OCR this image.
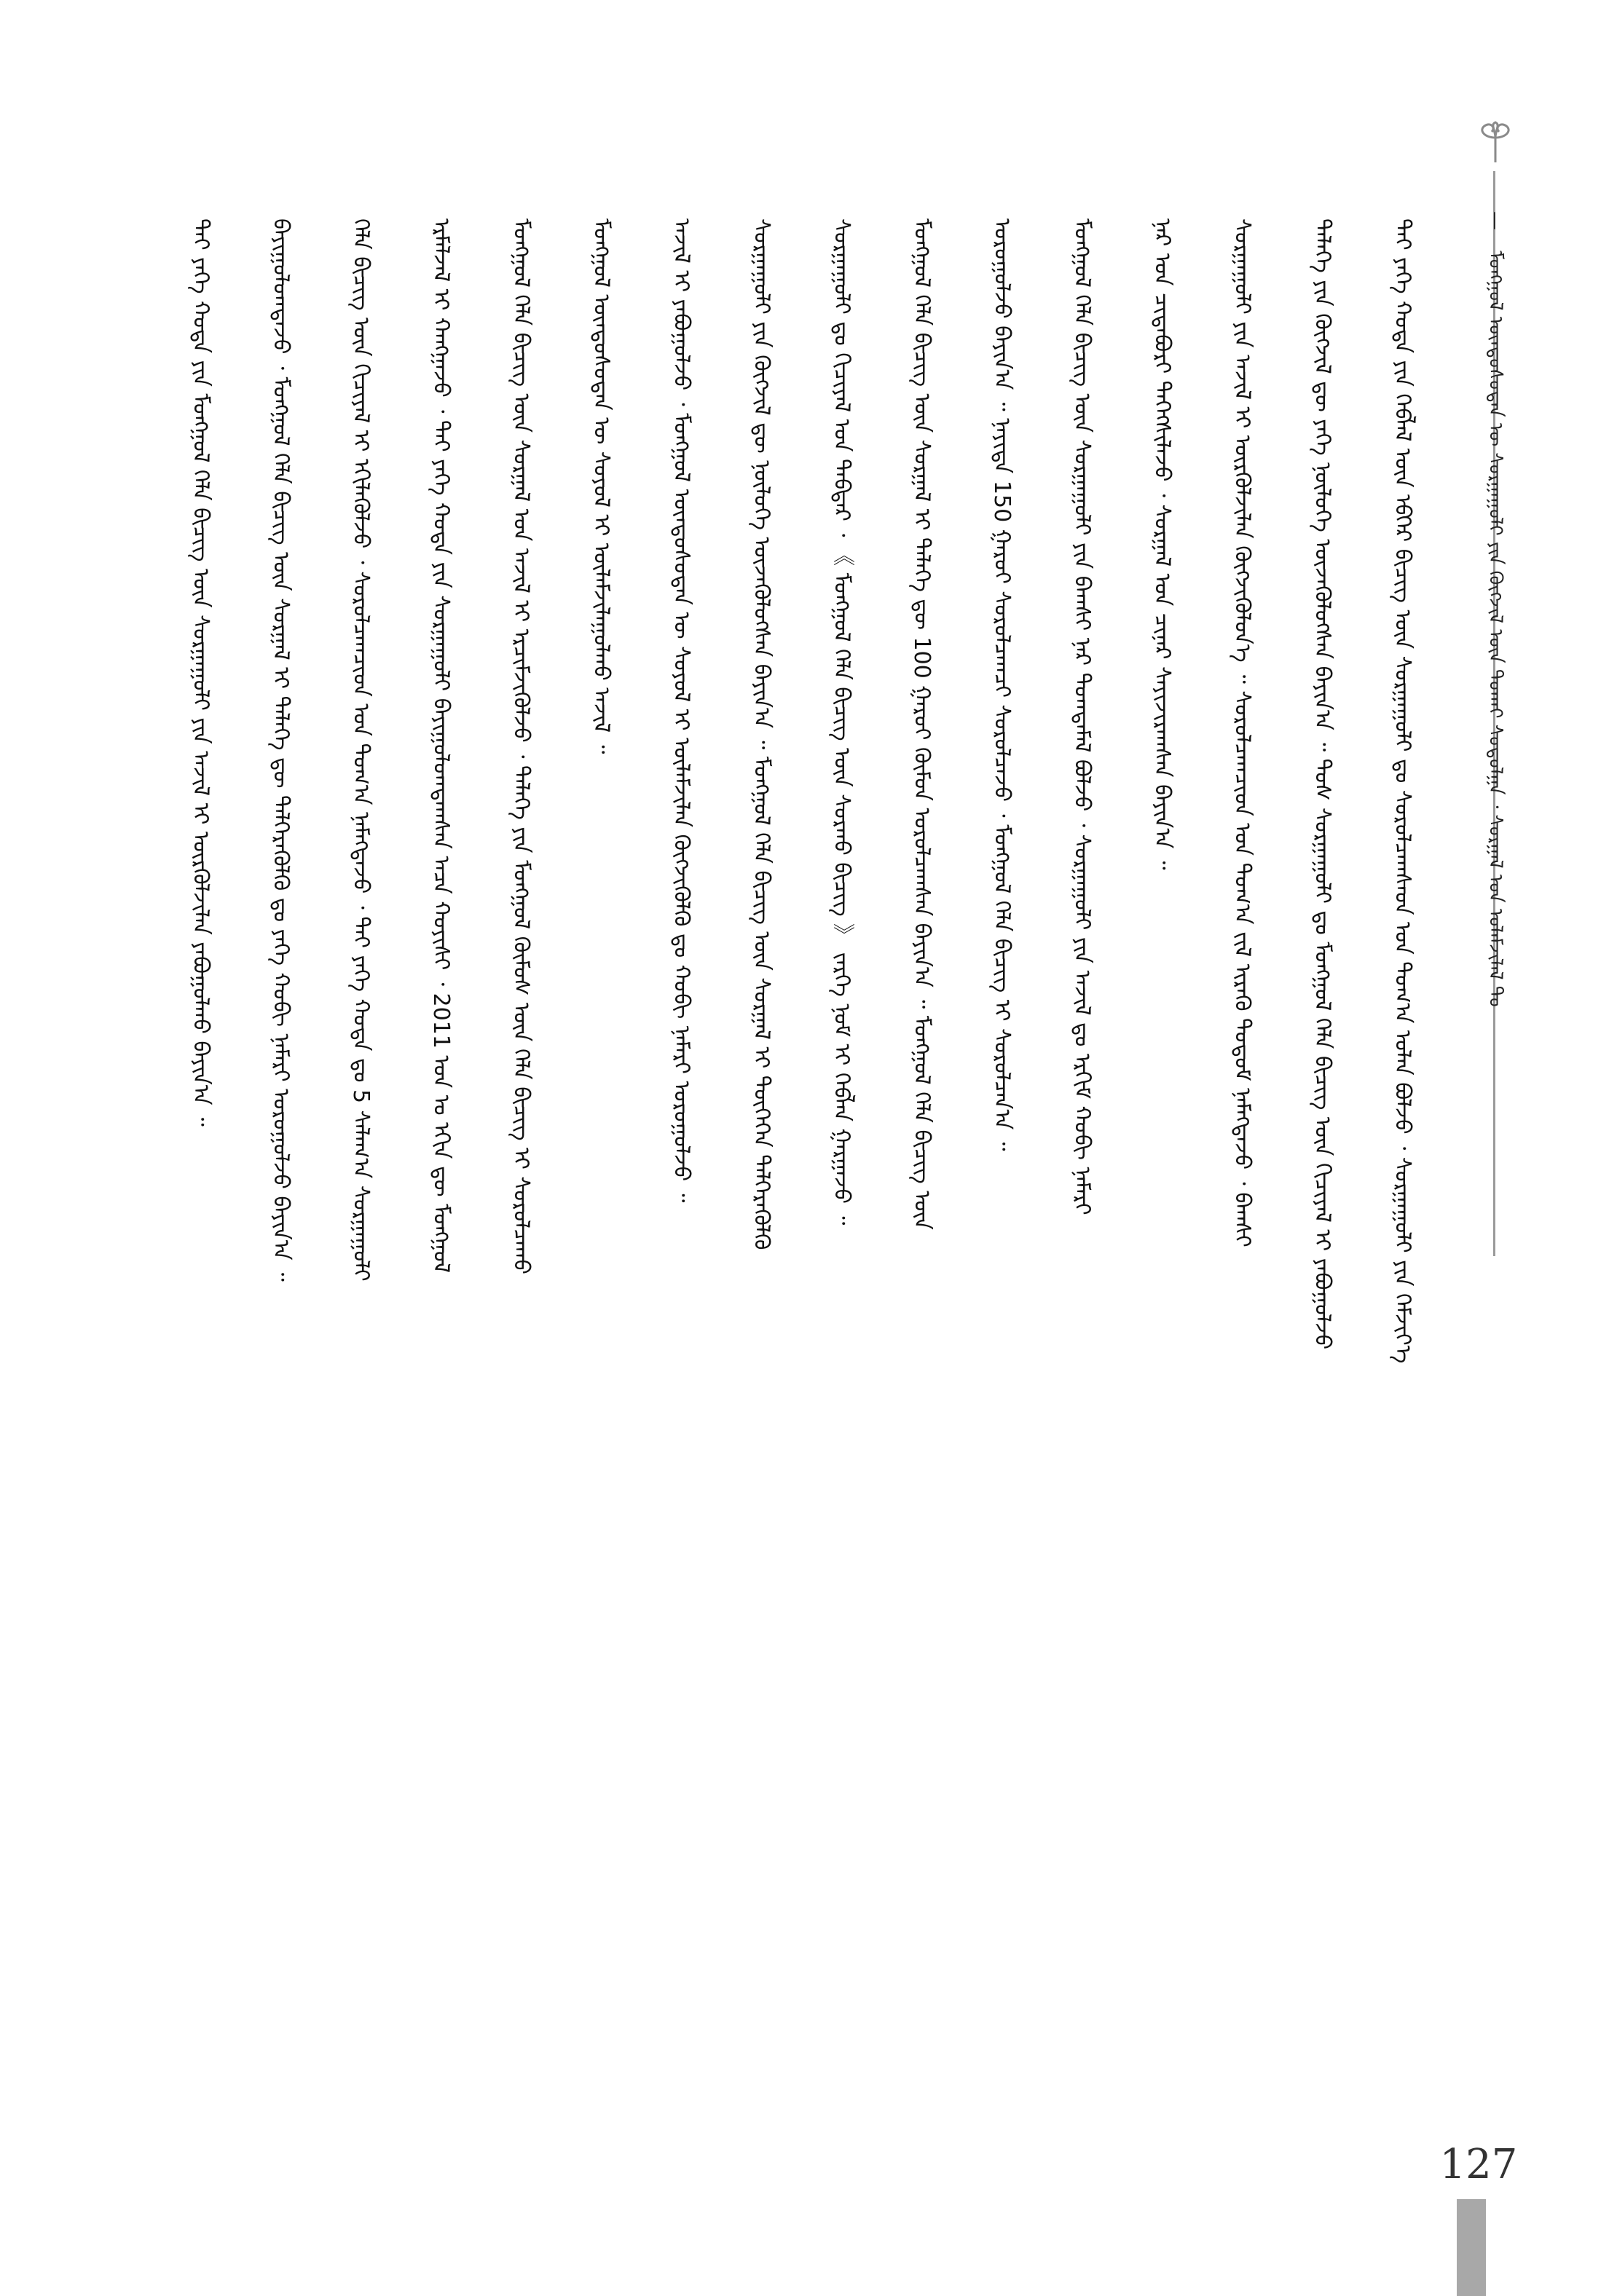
— ᠮᠣᠩᠭᠣᠯ ᠦᠨᠳᠦᠰᠦᠲᠡᠨ ᠦ ᠰᠤᠷᠭᠠᠭᠤᠯᠢ ᠶᠢᠨ ᠬᠥᠭᠵᠢᠯ ᠦᠨ ᠲᠤᠬᠠᠢ ᠰᠤᠳᠤᠯᠭᠠ ᠂ ᠰᠤᠷᠭᠠᠯ ᠤᠨ ᠤᠯᠠᠮᠵᠢᠯᠠᠯ ᠲᠤ
ᠲᠡᠢ ᠶᠡᠬᠡ ᠬᠣᠲᠠ ᠶᠢᠨ ᠬᠡᠪᠯᠡᠯ ᠦᠨ ᠡᠪᠬᠡᠷ ᠪᠢᠴᠢᠭ ᠦᠨ ᠰᠤᠷᠭᠠᠭᠤᠯᠢ ᠳᠤ ᠰᠤᠷᠤᠯᠴᠠᠭᠰᠠᠳ ᠤᠨ ᠲᠣᠭ᠎ᠠ ᠣᠯᠠᠨ ᠪᠣᠯᠵᠤ ᠂ ᠰᠤᠷᠭᠠᠭᠤᠯᠢ ᠶᠢᠨ ᠬᠡᠮᠵᠢᠶ᠎ᠡ
ᠲᠡᠯᠡᠭᠡ ᠶᠢᠨ ᠬᠥᠭᠵᠢᠯ ᠳᠦ ᠶᠡᠬᠡ ᠨᠥᠯᠦᠭᠡ ᠦᠵᠡᠭᠦᠯᠦᠭᠰᠡᠨ ᠪᠠᠶᠢᠨ᠎ᠠ ᠃ ᠲᠤᠰ ᠰᠤᠷᠭᠠᠭᠤᠯᠢ ᠳᠤ ᠮᠣᠩᠭᠣᠯ ᠬᠡᠯᠡ ᠪᠢᠴᠢᠭ ᠦᠨ ᠬᠢᠴᠢᠶᠡᠯ ᠢ ᠶᠠᠪᠤᠭᠤᠯᠵᠤ
ᠰᠤᠷᠭᠠᠭᠤᠯᠢ ᠶᠢᠨ ᠠᠵᠢᠯ ᠢ ᠦᠷᠭᠦᠯᠵᠢᠯᠡᠨ ᠬᠥᠭᠵᠢᠭᠦᠯᠦᠨ᠎ᠡ ᠃ ᠰᠤᠷᠤᠯᠴᠠᠭᠴᠢᠳ ᠤᠨ ᠲᠣᠭ᠎ᠠ ᠵᠢᠯ ᠢᠷᠡᠬᠦ ᠲᠤᠲᠤᠮ ᠨᠡᠮᠡᠭᠳᠡᠵᠦ ᠂ ᠪᠠᠭᠰᠢ
ᠨᠠᠷ ᠤᠨ ᠴᠢᠳᠠᠪᠤᠷᠢ ᠳᠡᠭᠡᠭᠰᠢᠯᠡᠵᠦ ᠂ ᠰᠤᠷᠭᠠᠯ ᠤᠨ ᠴᠢᠨᠠᠷ ᠰᠠᠶᠢᠵᠢᠷᠠᠭᠰᠠᠨ ᠪᠠᠶᠢᠨ᠎ᠠ ᠃
ᠮᠣᠩᠭᠣᠯ ᠬᠡᠯᠡ ᠪᠢᠴᠢᠭ ᠦᠨ ᠰᠤᠷᠭᠠᠭᠤᠯᠢ ᠶᠢᠨ ᠪᠠᠭᠰᠢ ᠨᠠᠷ ᠲᠣᠭᠲᠠᠮᠠᠯ ᠪᠣᠯᠵᠤ ᠂ ᠰᠤᠷᠭᠠᠭᠤᠯᠢ ᠶᠢᠨ ᠠᠵᠢᠯ ᠳᠤ ᠡᠷᠬᠢᠮ ᠬᠤᠪᠢ ᠨᠡᠮᠡᠷᠢ
ᠣᠷᠣᠭᠤᠯᠵᠤ ᠪᠠᠶᠢᠨ᠎ᠠ ᠃ ᠨᠡᠶᠢᠲᠡ 150 ᠭᠠᠷᠤᠢ ᠰᠤᠷᠤᠯᠴᠠᠭᠴᠢ ᠰᠤᠷᠤᠯᠴᠠᠵᠤ ᠂ ᠮᠣᠩᠭᠣᠯ ᠬᠡᠯᠡ ᠪᠢᠴᠢᠭ ᠢ ᠰᠤᠷᠤᠯᠴᠠᠨ᠎ᠠ ᠃
ᠮᠣᠩᠭᠣᠯ ᠬᠡᠯᠡ ᠪᠢᠴᠢᠭ ᠦᠨ ᠰᠤᠷᠭᠠᠯ ᠢ ᠲᠡᠯᠡᠭᠡ ᠳᠦ 100 ᠭᠠᠷᠤᠢ ᠬᠦᠮᠦᠨ ᠣᠷᠣᠯᠴᠠᠭᠰᠠᠨ ᠪᠠᠶᠢᠨ᠎ᠠ ᠃ ᠮᠣᠩᠭᠣᠯ ᠬᠡᠯᠡ ᠪᠢᠴᠢᠭ ᠦᠨ
ᠰᠤᠷᠭᠠᠭᠤᠯᠢ ᠳᠤ ᠬᠢᠴᠢᠶᠡᠯ ᠤᠨ ᠳᠡᠪᠲᠡᠷ ᠂ 《 ᠮᠣᠩᠭᠣᠯ ᠬᠡᠯᠡ ᠪᠢᠴᠢᠭ ᠦᠨ ᠰᠤᠷᠬᠤ ᠪᠢᠴᠢᠭ 》 ᠵᠡᠷᠭᠡ ᠨᠣᠮ ᠢ ᠬᠡᠪᠯᠡᠨ ᠭᠠᠷᠭᠠᠵᠤ ᠃
ᠰᠤᠷᠭᠠᠭᠤᠯᠢ ᠶᠢᠨ ᠬᠥᠭᠵᠢᠯ ᠳᠦ ᠨᠥᠯᠦᠭᠡ ᠦᠵᠡᠭᠦᠯᠦᠭᠰᠡᠨ ᠪᠠᠶᠢᠨ᠎ᠠ ᠃ ᠮᠣᠩᠭᠣᠯ ᠬᠡᠯᠡ ᠪᠢᠴᠢᠭ ᠦᠨ ᠰᠤᠷᠭᠠᠯ ᠢ ᠲᠦᠭᠡᠭᠡᠨ ᠳᠡᠯᠭᠡᠷᠡᠭᠦᠯᠬᠦ
ᠠᠵᠢᠯ ᠢ ᠶᠠᠪᠤᠭᠤᠯᠵᠤ ᠂ ᠮᠣᠩᠭᠣᠯ ᠦᠨᠳᠦᠰᠦᠲᠡᠨ ᠦ ᠰᠣᠶᠣᠯ ᠢ ᠦᠯᠠᠮᠵᠢᠯᠠᠨ ᠬᠥᠭᠵᠢᠭᠦᠯᠬᠦ ᠳᠤ ᠬᠤᠪᠢ ᠨᠡᠮᠡᠷᠢ ᠣᠷᠣᠭᠤᠯᠵᠤ ᠃
ᠮᠣᠩᠭᠣᠯ ᠦᠨᠳᠦᠰᠦᠲᠡᠨ ᠦ ᠰᠣᠶᠣᠯ ᠢ ᠦᠯᠠᠮᠵᠢᠯᠠᠭᠤᠯᠬᠤ ᠠᠵᠢᠯ ᠃
ᠮᠣᠩᠭᠣᠯ ᠬᠡᠯᠡ ᠪᠢᠴᠢᠭ ᠦᠨ ᠰᠤᠷᠭᠠᠯ ᠤᠨ ᠠᠵᠢᠯ ᠢ ᠡᠷᠴᠢᠮᠵᠢᠭᠦᠯᠵᠦ ᠂ ᠲᠡᠯᠡᠭᠡ ᠶᠢᠨ ᠮᠣᠩᠭᠣᠯ ᠬᠦᠮᠦᠰ ᠦᠨ ᠬᠡᠯᠡ ᠪᠢᠴᠢᠭ ᠢ ᠰᠤᠷᠤᠯᠴᠠᠬᠤ
ᠡᠷᠮᠡᠯᠵᠡᠯ ᠢ ᠬᠠᠩᠭᠠᠵᠤ ᠂ ᠲᠡᠢ ᠶᠡᠬᠡ ᠬᠣᠲᠠ ᠶᠢᠨ ᠰᠤᠷᠭᠠᠭᠤᠯᠢ ᠪᠠᠶᠢᠭᠤᠯᠤᠭᠳᠠᠭᠰᠠᠨ ᠠᠴᠠ ᠬᠣᠶᠢᠰᠢ ᠂ 2011 ᠣᠨ ᠤ ᠡᠬᠢᠨ ᠳᠦ ᠮᠣᠩᠭᠣᠯ
ᠬᠡᠯᠡ ᠪᠢᠴᠢᠭ ᠦᠨ ᠬᠢᠴᠢᠶᠡᠯ ᠢ ᠡᠬᠢᠯᠡᠭᠦᠯᠵᠦ ᠂ ᠰᠤᠷᠤᠯᠴᠠᠭᠴᠢᠳ ᠤᠨ ᠲᠣᠭ᠎ᠠ ᠨᠡᠮᠡᠭᠳᠡᠵᠦ ᠂ ᠲᠡᠢ ᠶᠡᠬᠡ ᠬᠣᠲᠠ ᠳᠤ 5 ᠰᠠᠯᠠᠭ᠎ᠠ ᠰᠤᠷᠭᠠᠭᠤᠯᠢ
ᠪᠠᠶᠢᠭᠤᠯᠤᠭᠳᠠᠵᠤ ᠂ ᠮᠣᠩᠭᠣᠯ ᠬᠡᠯᠡ ᠪᠢᠴᠢᠭ ᠦᠨ ᠰᠤᠷᠭᠠᠯ ᠢ ᠲᠡᠯᠡᠭᠡ ᠳᠦ ᠳᠡᠯᠭᠡᠷᠡᠭᠦᠯᠬᠦ ᠳᠤ ᠶᠡᠬᠡ ᠬᠤᠪᠢ ᠨᠡᠮᠡᠷᠢ ᠣᠷᠣᠭᠤᠯᠵᠤ ᠪᠠᠶᠢᠨ᠎ᠠ ᠃
ᠲᠡᠢ ᠶᠡᠬᠡ ᠬᠣᠲᠠ ᠶᠢᠨ ᠮᠣᠩᠭᠣᠯ ᠬᠡᠯᠡ ᠪᠢᠴᠢᠭ ᠦᠨ ᠰᠤᠷᠭᠠᠭᠤᠯᠢ ᠶᠢᠨ ᠠᠵᠢᠯ ᠢ ᠦᠷᠭᠦᠯᠵᠢᠯᠡᠨ ᠶᠠᠪᠤᠭᠤᠯᠬᠤ ᠪᠠᠶᠢᠨ᠎ᠠ ᠃
127
